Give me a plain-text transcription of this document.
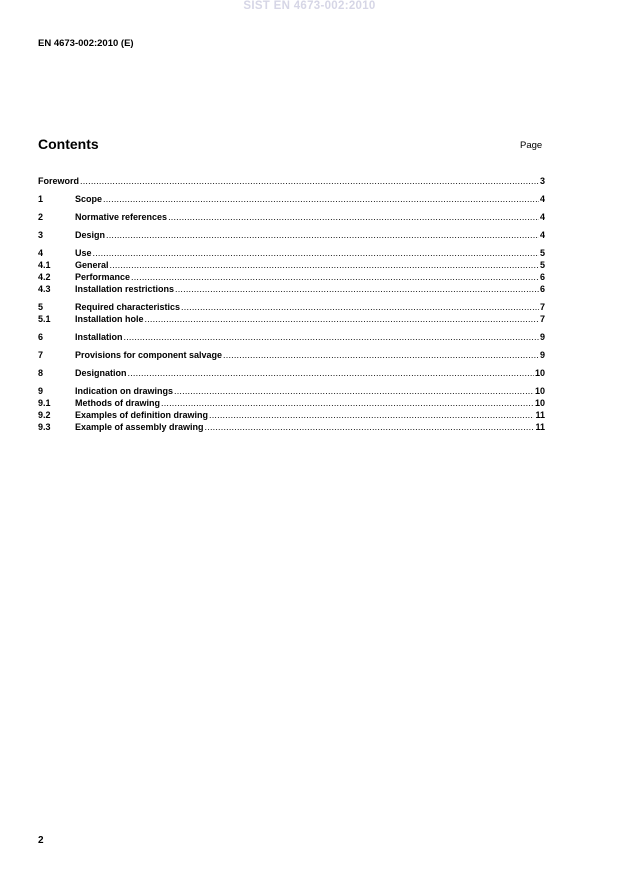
SIST EN 4673-002:2010
EN 4673-002:2010 (E)
Contents	Page
Foreword .....	3
1	Scope .....	4
2	Normative references .....	4
3	Design .....	4
4	Use .....	5
4.1	General .....	5
4.2	Performance .....	6
4.3	Installation restrictions .....	6
5	Required characteristics .....	7
5.1	Installation hole .....	7
6	Installation .....	9
7	Provisions for component salvage .....	9
8	Designation .....	10
9	Indication on drawings .....	10
9.1	Methods of drawing .....	10
9.2	Examples of definition drawing .....	11
9.3	Example of assembly drawing .....	11
2
